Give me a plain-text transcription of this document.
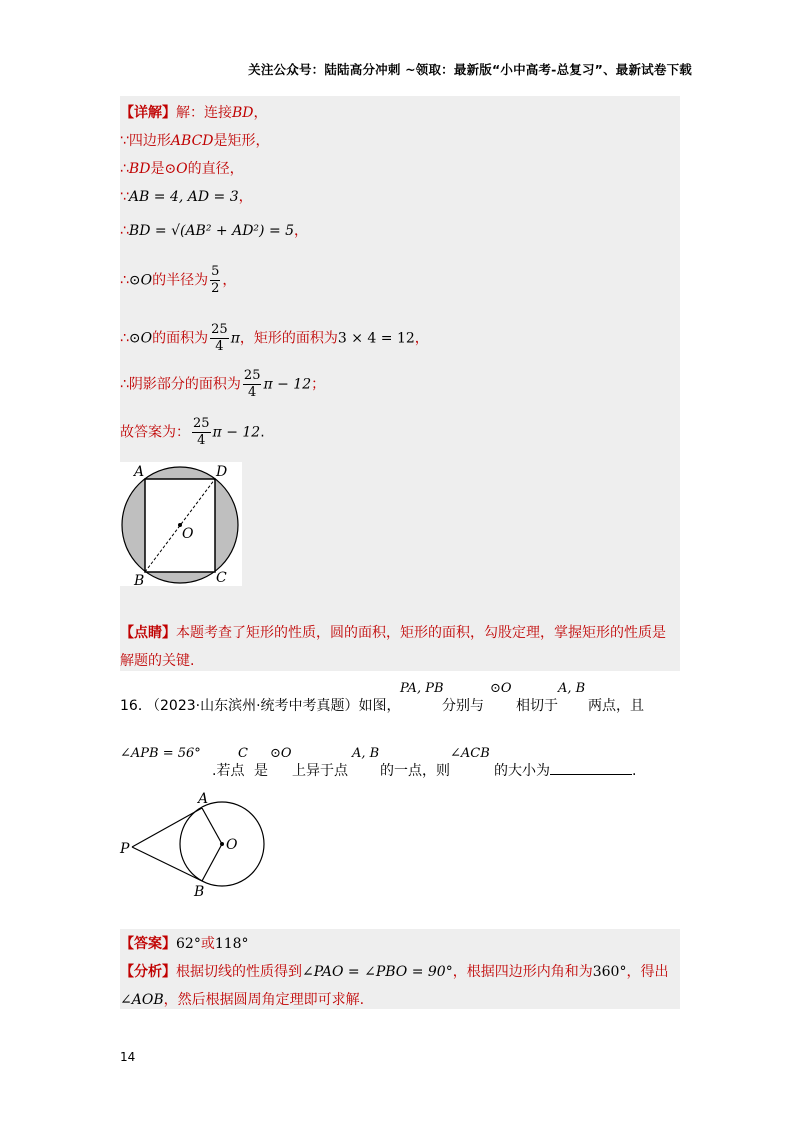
关注公众号：陆陆高分冲刺 ~领取：最新版“小中高考-总复习”、最新试卷下载
【详解】解：连接BD，
∵四边形ABCD是矩形，
∴BD是⊙O的直径，
∵AB = 4, AD = 3，
∴BD = √(AB² + AD²) = 5，
∴⊙O的半径为 $\frac{5}{2}$ ，
∴⊙O的面积为 $\frac{25}{4}$ π，矩形的面积为3 × 4 = 12，
∴阴影部分的面积为 $\frac{25}{4}$ π − 12；
故答案为： $\frac{25}{4}$ π − 12.
【点睛】本题考查了矩形的性质，圆的面积，矩形的面积，勾股定理，掌握矩形的性质是
解题的关键.
A	D
B	C
O
16．
（2023·山东滨州·统考中考真题）如图，
PA, PB
分别与
⊙O
相切于
A, B
两点，且
∠APB = 56°
.若点
C
是
⊙O
上异于点
A, B
的一点，则
∠ACB
的大小为	.
A
P	O
B
【答案】62°或118°
【分析】根据切线的性质得到∠PAO = ∠PBO = 90°，根据四边形内角和为360°，得出
∠AOB，然后根据圆周角定理即可求解.
14
